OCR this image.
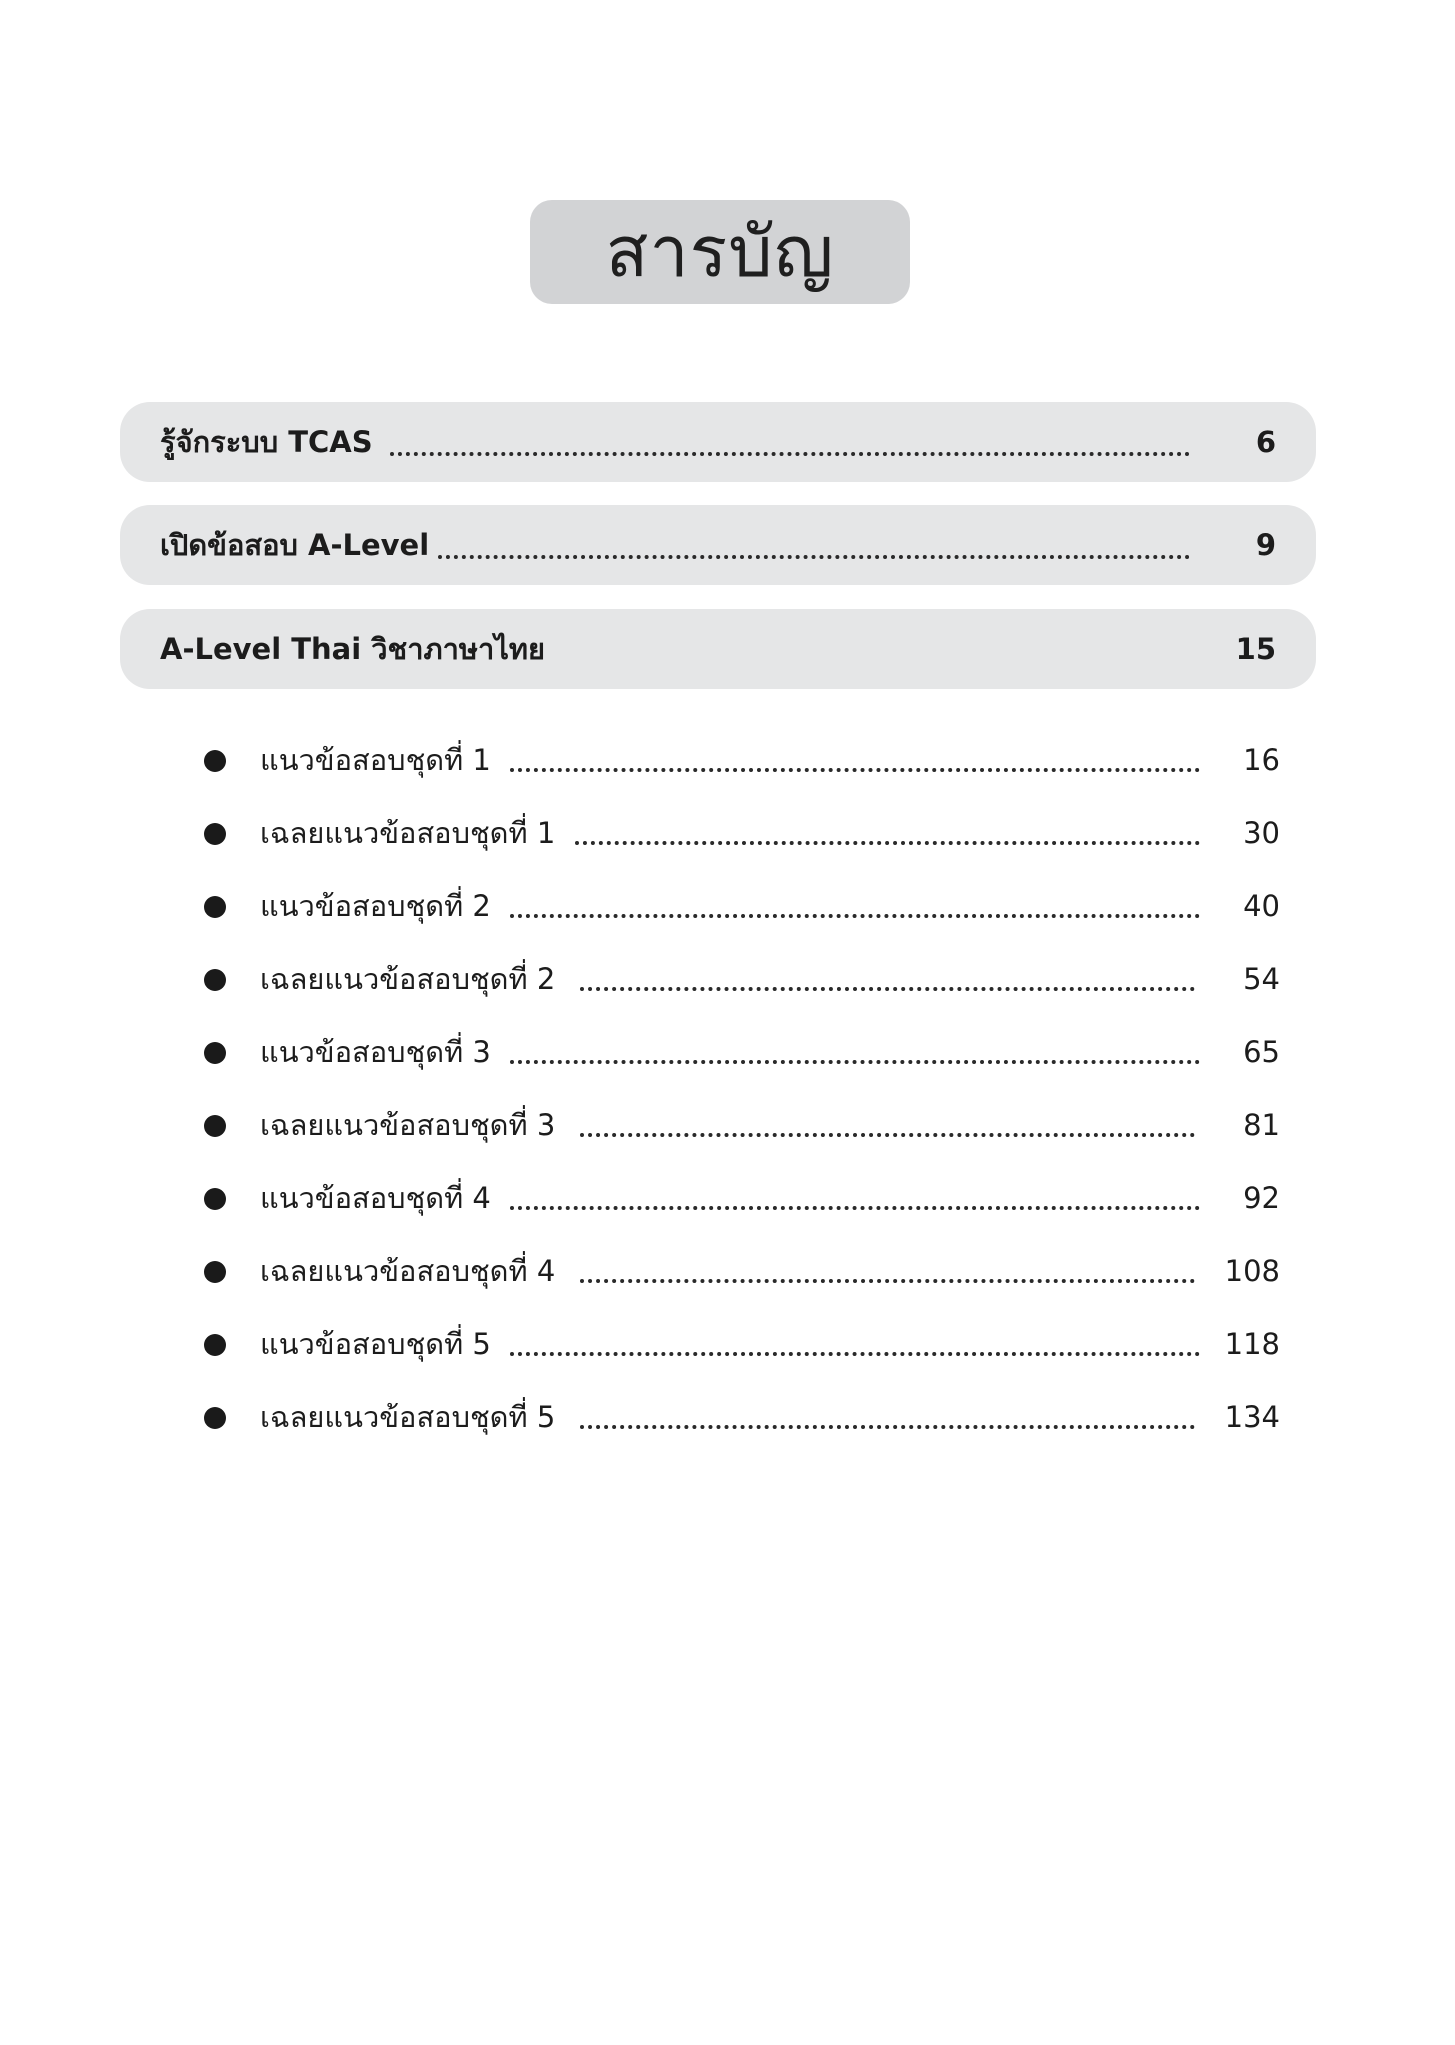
สารบัญ
รู้จักระบบ TCAS	6
เปิดข้อสอบ A-Level	9
A-Level Thai วิชาภาษาไทย	15
แนวข้อสอบชุดที่ 1	16
เฉลยแนวข้อสอบชุดที่ 1	30
แนวข้อสอบชุดที่ 2	40
เฉลยแนวข้อสอบชุดที่ 2	54
แนวข้อสอบชุดที่ 3	65
เฉลยแนวข้อสอบชุดที่ 3	81
แนวข้อสอบชุดที่ 4	92
เฉลยแนวข้อสอบชุดที่ 4	108
แนวข้อสอบชุดที่ 5	118
เฉลยแนวข้อสอบชุดที่ 5	134
